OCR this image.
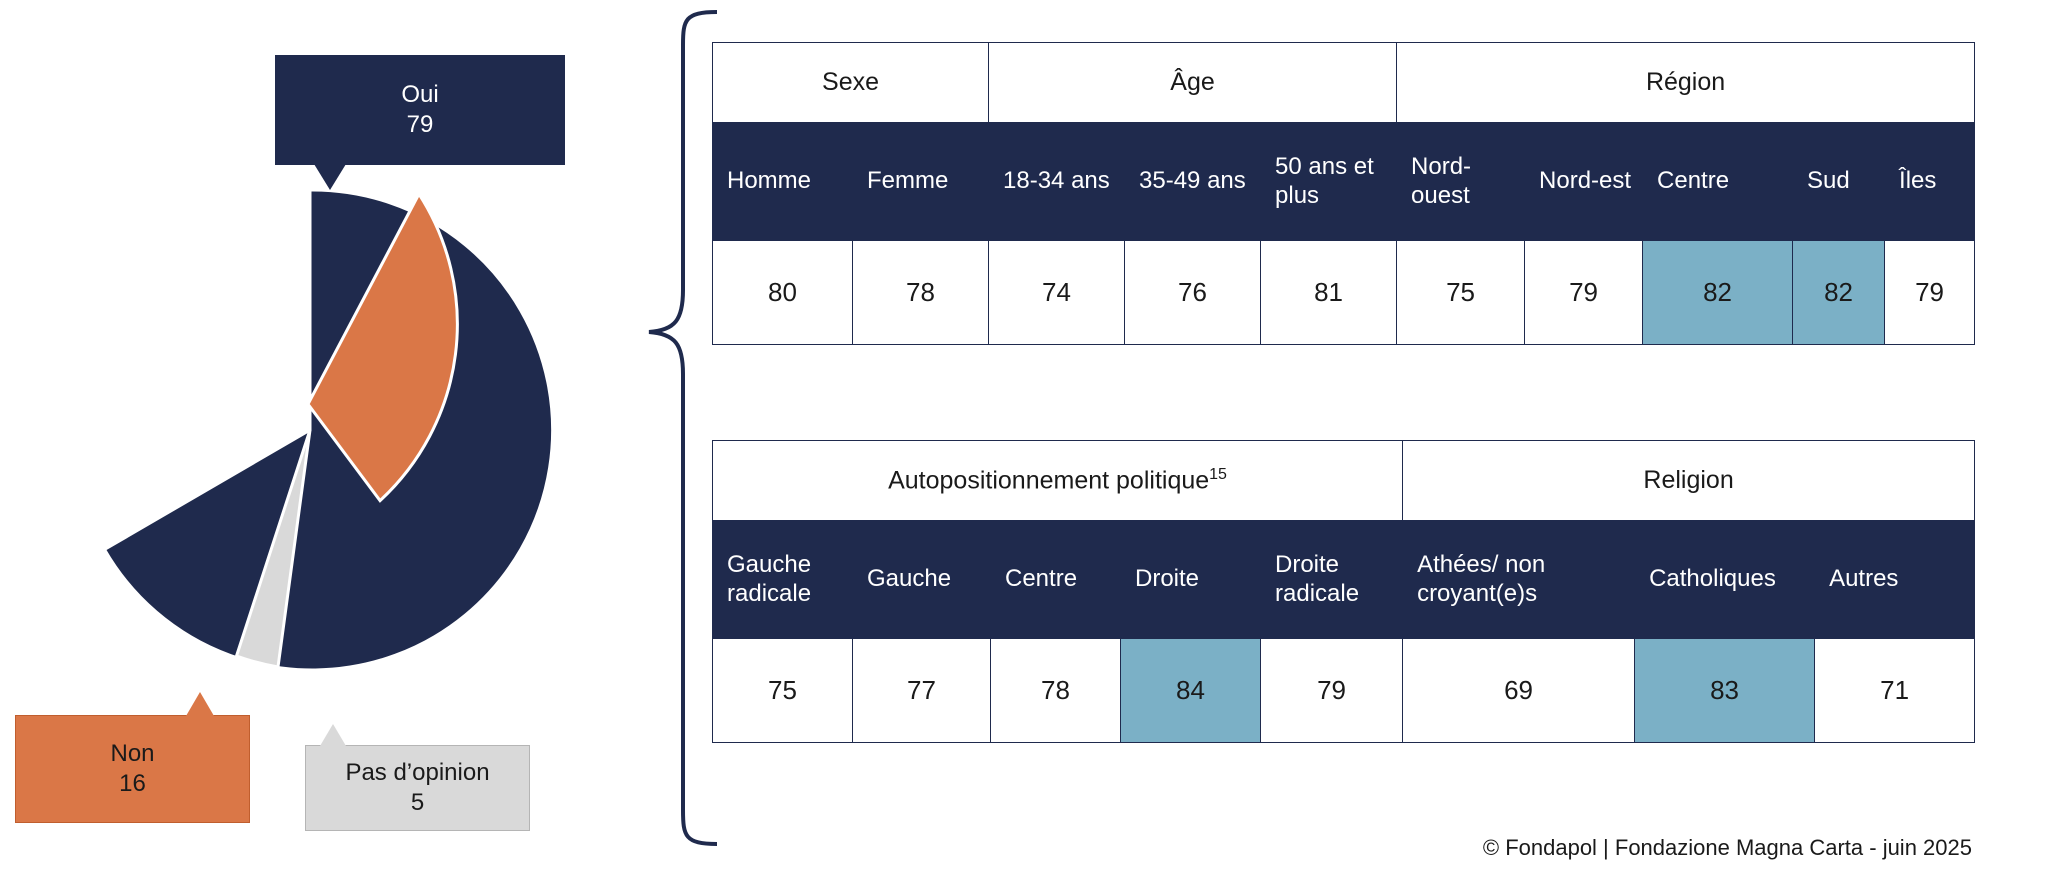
Oui
79
Non
16	Pas d’opinion
5
Sexe		Âge			Région				
Homme	Femme	18-34 ans	35-49 ans	50 ans et plus	Nord-ouest	Nord-est	Centre	Sud	Îles
80	78	74	76	81	75	79	82	82	79
Autopositionnement politique$^{15}$					Religion		
Gauche radicale	Gauche	Centre	Droite	Droite radicale	Athées/ non croyant(e)s	Catholiques	Autres
75	77	78	84	79	69	83	71
© Fondapol | Fondazione Magna Carta - juin 2025
